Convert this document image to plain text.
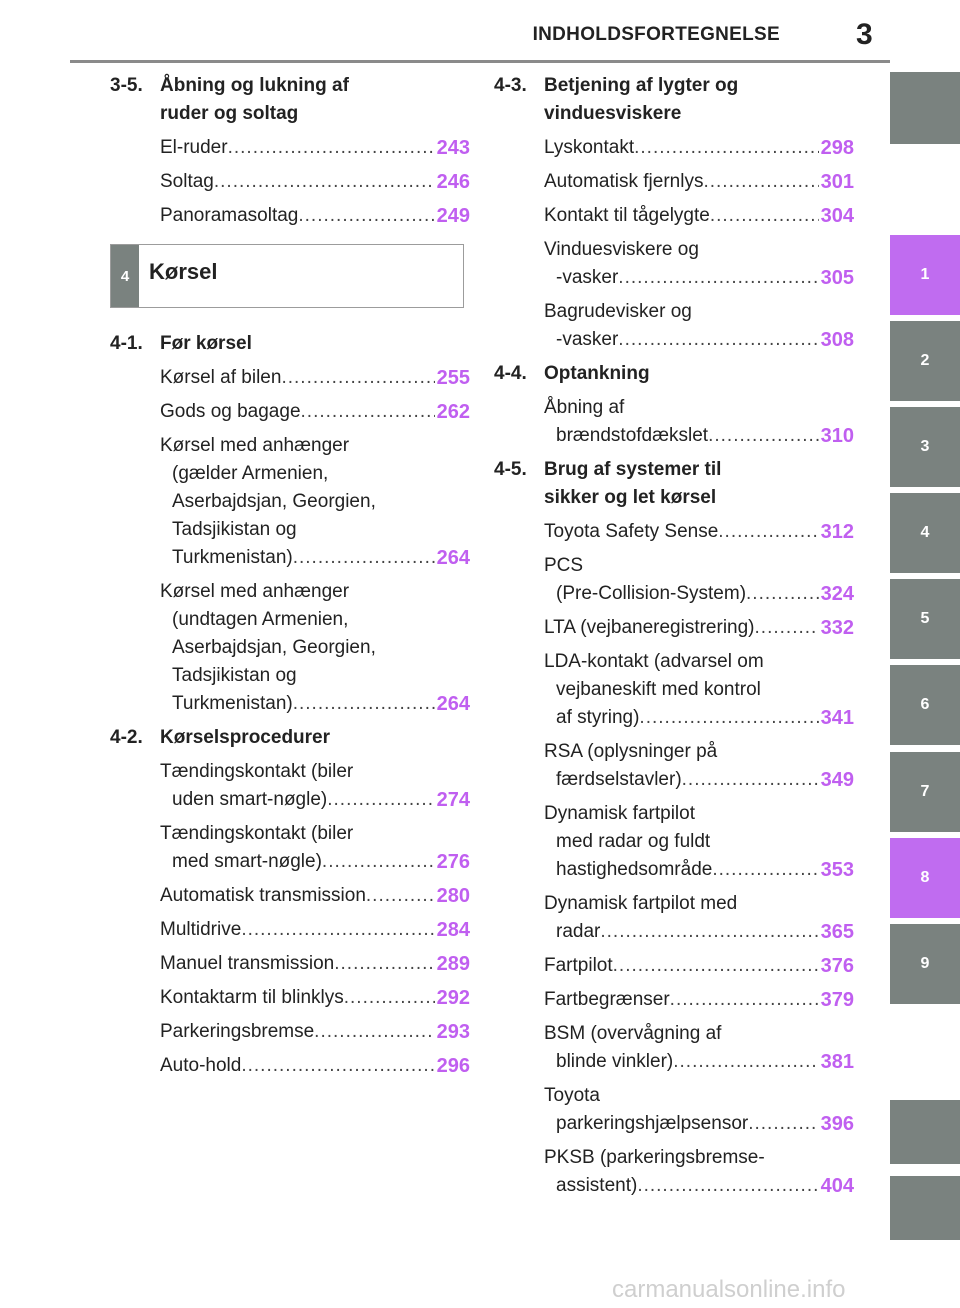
INDHOLDSFORTEGNELSE	3
3-5. Åbning og lukning af
ruder og soltag
El-ruder .....	243
Soltag .....	246
Panoramasoltag .....	249
4 Kørsel
4-1. Før kørsel
Kørsel af bilen .....	255
Gods og bagage .....	262
Kørsel med anhænger
(gælder Armenien,
Aserbajdsjan, Georgien,
Tadsjikistan og
Turkmenistan) .....	264
Kørsel med anhænger
(undtagen Armenien,
Aserbajdsjan, Georgien,
Tadsjikistan og
Turkmenistan) .....	264
4-2. Kørselsprocedurer
Tændingskontakt (biler
uden smart-nøgle) .....	274
Tændingskontakt (biler
med smart-nøgle) .....	276
Automatisk transmission .....	280
Multidrive .....	284
Manuel transmission .....	289
Kontaktarm til blinklys .....	292
Parkeringsbremse .....	293
Auto-hold .....	296
4-3. Betjening af lygter og
vinduesviskere
Lyskontakt .....	298
Automatisk fjernlys .....	301
Kontakt til tågelygte .....	304
Vinduesviskere og
-vasker .....	305
Bagrudevisker og
-vasker .....	308
4-4. Optankning
Åbning af
brændstofdækslet .....	310
4-5. Brug af systemer til
sikker og let kørsel
Toyota Safety Sense .....	312
PCS
(Pre-Collision-System) .....	324
LTA (vejbaneregistrering) .....	332
LDA-kontakt (advarsel om
vejbaneskift med kontrol
af styring) .....	341
RSA (oplysninger på
færdselstavler) .....	349
Dynamisk fartpilot
med radar og fuldt
hastighedsområde .....	353
Dynamisk fartpilot med
radar .....	365
Fartpilot .....	376
Fartbegrænser .....	379
BSM (overvågning af
blinde vinkler) .....	381
Toyota
parkeringshjælpsensor .....	396
PKSB (parkeringsbremse-
assistent) .....	404
1
2
3
4
5
6
7
8
9
carmanualsonline.info
